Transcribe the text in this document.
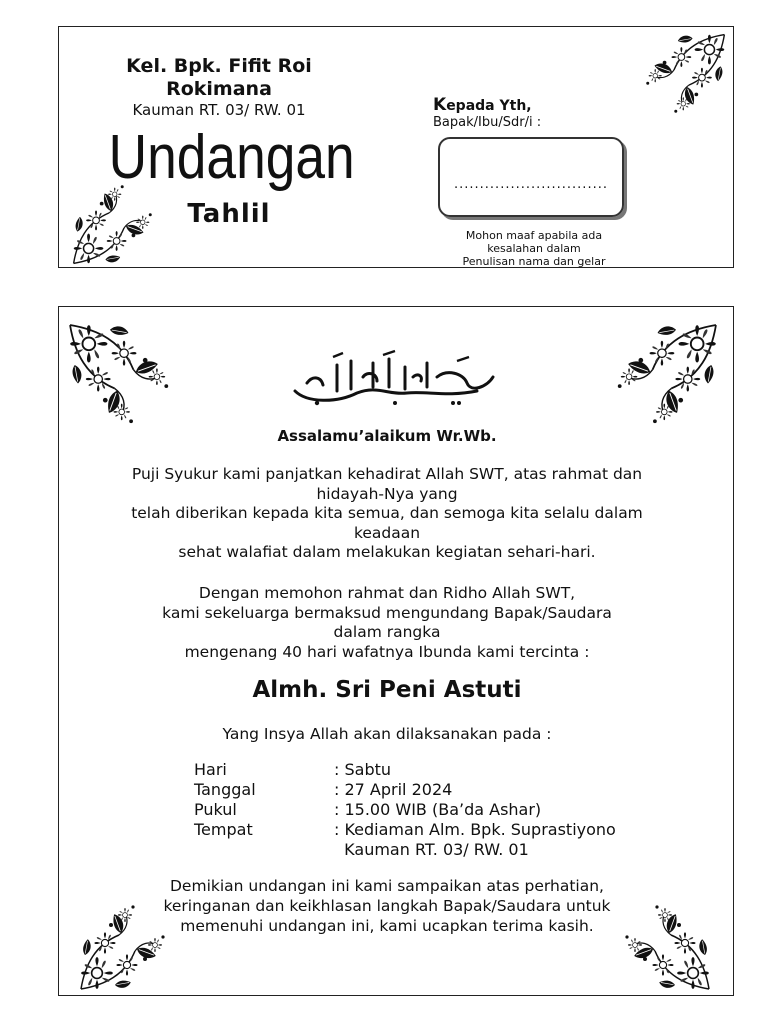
Kel. Bpk. Fifit Roi
Rokimana
Kauman RT. 03/ RW. 01
Undangan
Tahlil
Kepada Yth,
Bapak/Ibu/Sdr/i :
..............................
Mohon maaf apabila ada
kesalahan dalam
Penulisan nama dan gelar
Assalamu’alaikum Wr.Wb.
Puji Syukur kami panjatkan kehadirat Allah SWT, atas rahmat dan
hidayah-Nya yang
telah diberikan kepada kita semua, dan semoga kita selalu dalam
keadaan
sehat walafiat dalam melakukan kegiatan sehari-hari.
Dengan memohon rahmat dan Ridho Allah SWT,
kami sekeluarga bermaksud mengundang Bapak/Saudara
dalam rangka
mengenang 40 hari wafatnya Ibunda kami tercinta :
Almh. Sri Peni Astuti
Yang Insya Allah akan dilaksanakan pada :
Hari	: Sabtu
Tanggal	: 27 April 2024
Pukul	: 15.00 WIB (Ba’da Ashar)
Tempat	: Kediaman Alm. Bpk. Suprastiyono
Kauman RT. 03/ RW. 01
Demikian undangan ini kami sampaikan atas perhatian,
keringanan dan keikhlasan langkah Bapak/Saudara untuk
memenuhi undangan ini, kami ucapkan terima kasih.
